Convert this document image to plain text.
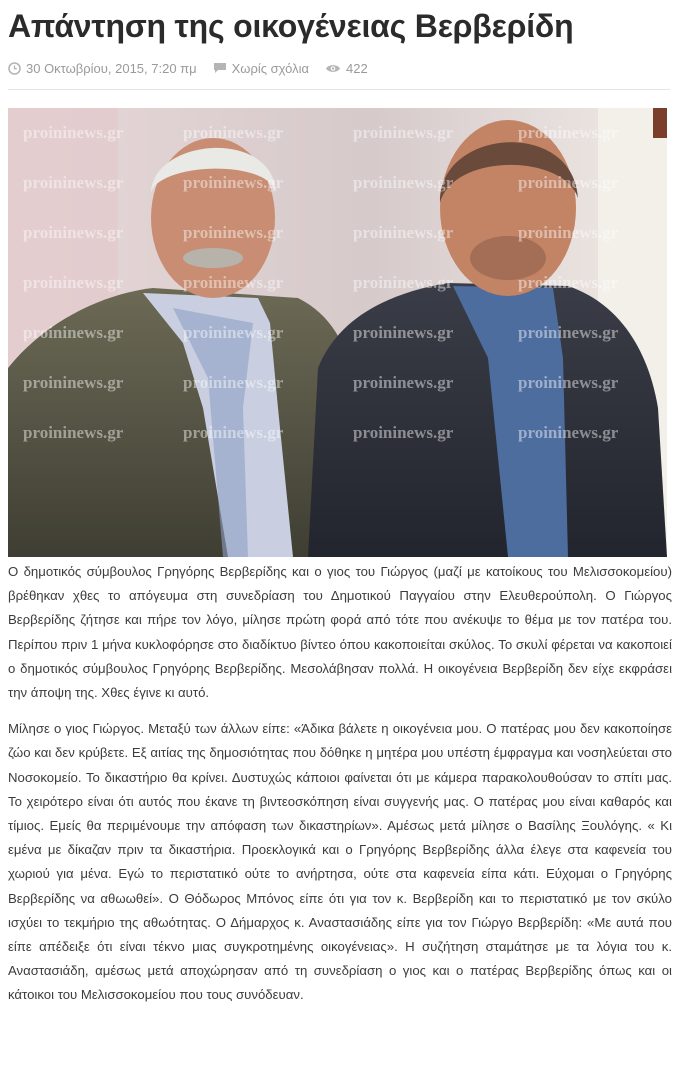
Απάντηση της οικογένειας Βερβερίδη
30 Οκτωβρίου, 2015, 7:20 πμ	Χωρίς σχόλια	422
proininews.gr	proininews.gr	proininews.gr	proininews.gr
proininews.gr	proininews.gr	proininews.gr	proininews.gr
proininews.gr	proininews.gr	proininews.gr	proininews.gr
proininews.gr	proininews.gr	proininews.gr	proininews.gr
proininews.gr	proininews.gr	proininews.gr	proininews.gr
proininews.gr	proininews.gr	proininews.gr	proininews.gr
proininews.gr	proininews.gr	proininews.gr	proininews.gr

Ο δημοτικός σύμβουλος Γρηγόρης Βερβερίδης και ο γιος του Γιώργος (μαζί με κατοίκους του Μελισσοκομείου) βρέθηκαν χθες το απόγευμα στη συνεδρίαση του Δημοτικού Παγγαίου στην Ελευθερούπολη. Ο Γιώργος Βερβερίδης ζήτησε και πήρε τον λόγο, μίλησε πρώτη φορά από τότε που ανέκυψε το θέμα με τον πατέρα του. Περίπου πριν 1 μήνα κυκλοφόρησε στο διαδίκτυο βίντεο όπου κακοποιείται σκύλος. Το σκυλί φέρεται να κακοποιεί ο δημοτικός σύμβουλος Γρηγόρης Βερβερίδης. Μεσολάβησαν πολλά. Η οικογένεια Βερβερίδη δεν είχε εκφράσει την άποψη της. Χθες έγινε κι αυτό.

Μίλησε ο γιος Γιώργος. Μεταξύ των άλλων είπε: «Άδικα βάλετε η οικογένεια μου. Ο πατέρας μου δεν κακοποίησε ζώο και δεν κρύβετε. Εξ αιτίας της δημοσιότητας που δόθηκε η μητέρα μου υπέστη έμφραγμα και νοσηλεύεται στο Νοσοκομείο. Το δικαστήριο θα κρίνει. Δυστυχώς κάποιοι φαίνεται ότι με κάμερα παρακολουθούσαν το σπίτι μας. Το χειρότερο είναι ότι αυτός που έκανε τη βιντεοσκόπηση είναι συγγενής μας. Ο πατέρας μου είναι καθαρός και τίμιος. Εμείς θα περιμένουμε την απόφαση των δικαστηρίων». Αμέσως μετά μίλησε ο Βασίλης Ξουλόγης. « Κι εμένα με δίκαζαν πριν τα δικαστήρια. Προεκλογικά και ο Γρηγόρης Βερβερίδης άλλα έλεγε στα καφενεία του χωριού για μένα. Εγώ το περιστατικό ούτε το ανήρτησα, ούτε στα καφενεία είπα κάτι. Εύχομαι ο Γρηγόρης Βερβερίδης να αθωωθεί». Ο Θόδωρος Μπόνος είπε ότι για τον κ. Βερβερίδη και το περιστατικό με τον σκύλο ισχύει το τεκμήριο της αθωότητας. Ο Δήμαρχος κ. Αναστασιάδης είπε για τον Γιώργο Βερβερίδη: «Με αυτά που είπε απέδειξε ότι είναι τέκνο μιας συγκροτημένης οικογένειας». Η συζήτηση σταμάτησε με τα λόγια του κ. Αναστασιάδη, αμέσως μετά αποχώρησαν από τη συνεδρίαση ο γιος και ο πατέρας Βερβερίδης όπως και οι κάτοικοι του Μελισσοκομείου που τους συνόδευαν.
